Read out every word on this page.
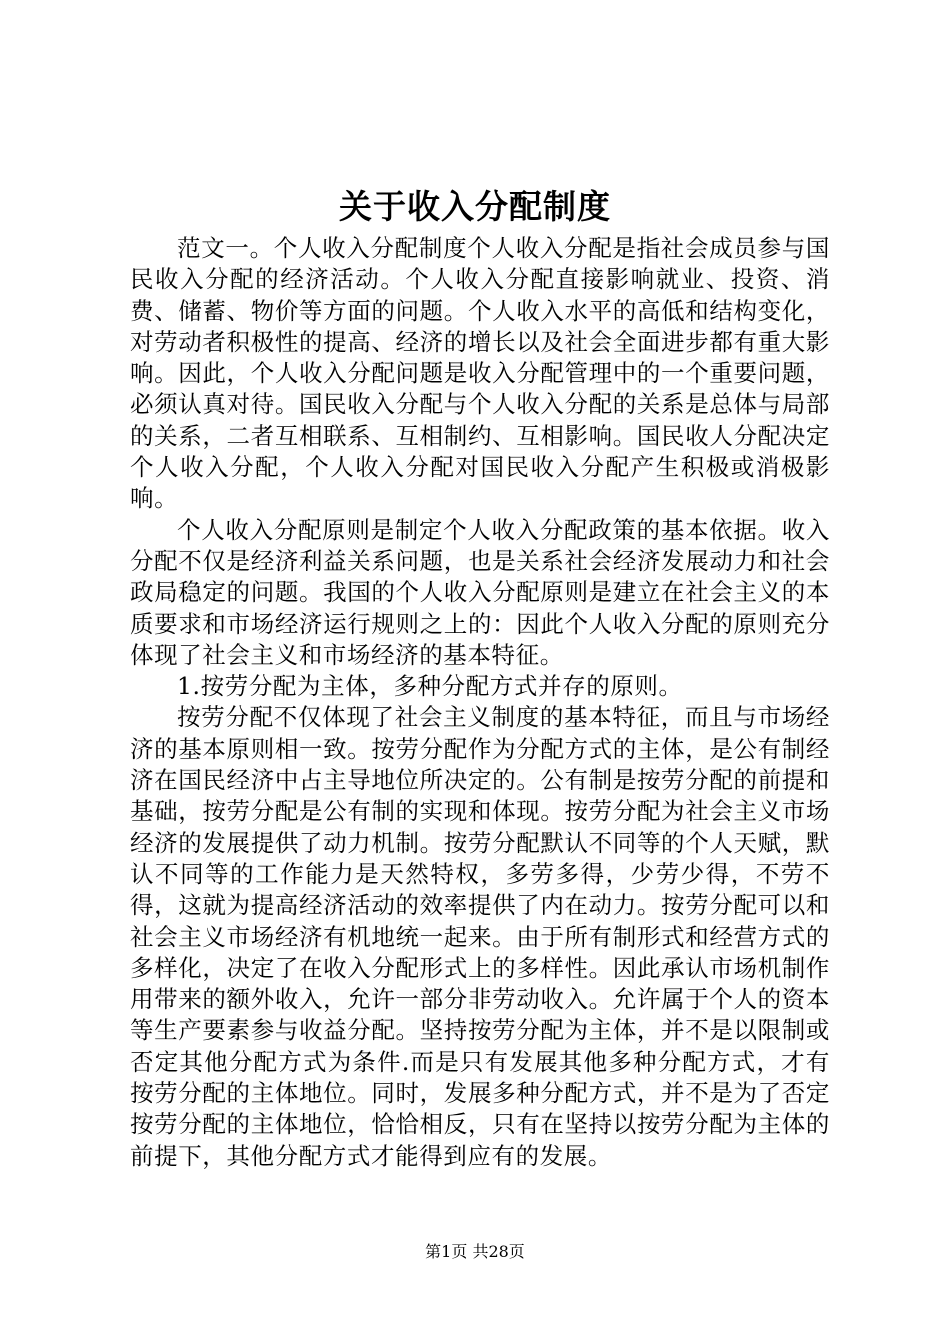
关于收入分配制度

范文一。个人收入分配制度个人收入分配是指社会成员参与国民收入分配的经济活动。个人收入分配直接影响就业、投资、消费、储蓄、物价等方面的问题。个人收入水平的高低和结构变化，对劳动者积极性的提高、经济的增长以及社会全面进步都有重大影响。因此，个人收入分配问题是收入分配管理中的一个重要问题，必须认真对待。国民收入分配与个人收入分配的关系是总体与局部的关系，二者互相联系、互相制约、互相影响。国民收人分配决定个人收入分配，个人收入分配对国民收入分配产生积极或消极影响。

个人收入分配原则是制定个人收入分配政策的基本依据。收入分配不仅是经济利益关系问题，也是关系社会经济发展动力和社会政局稳定的问题。我国的个人收入分配原则是建立在社会主义的本质要求和市场经济运行规则之上的：因此个人收入分配的原则充分体现了社会主义和市场经济的基本特征。

1.按劳分配为主体，多种分配方式并存的原则。

按劳分配不仅体现了社会主义制度的基本特征，而且与市场经济的基本原则相一致。按劳分配作为分配方式的主体，是公有制经济在国民经济中占主导地位所决定的。公有制是按劳分配的前提和基础，按劳分配是公有制的实现和体现。按劳分配为社会主义市场经济的发展提供了动力机制。按劳分配默认不同等的个人天赋，默认不同等的工作能力是天然特权，多劳多得，少劳少得，不劳不得，这就为提高经济活动的效率提供了内在动力。按劳分配可以和社会主义市场经济有机地统一起来。由于所有制形式和经营方式的多样化，决定了在收入分配形式上的多样性。因此承认市场机制作用带来的额外收入，允许一部分非劳动收入。允许属于个人的资本等生产要素参与收益分配。坚持按劳分配为主体，并不是以限制或否定其他分配方式为条件.而是只有发展其他多种分配方式，才有按劳分配的主体地位。同时，发展多种分配方式，并不是为了否定按劳分配的主体地位，恰恰相反，只有在坚持以按劳分配为主体的前提下，其他分配方式才能得到应有的发展。

第1页 共28页
